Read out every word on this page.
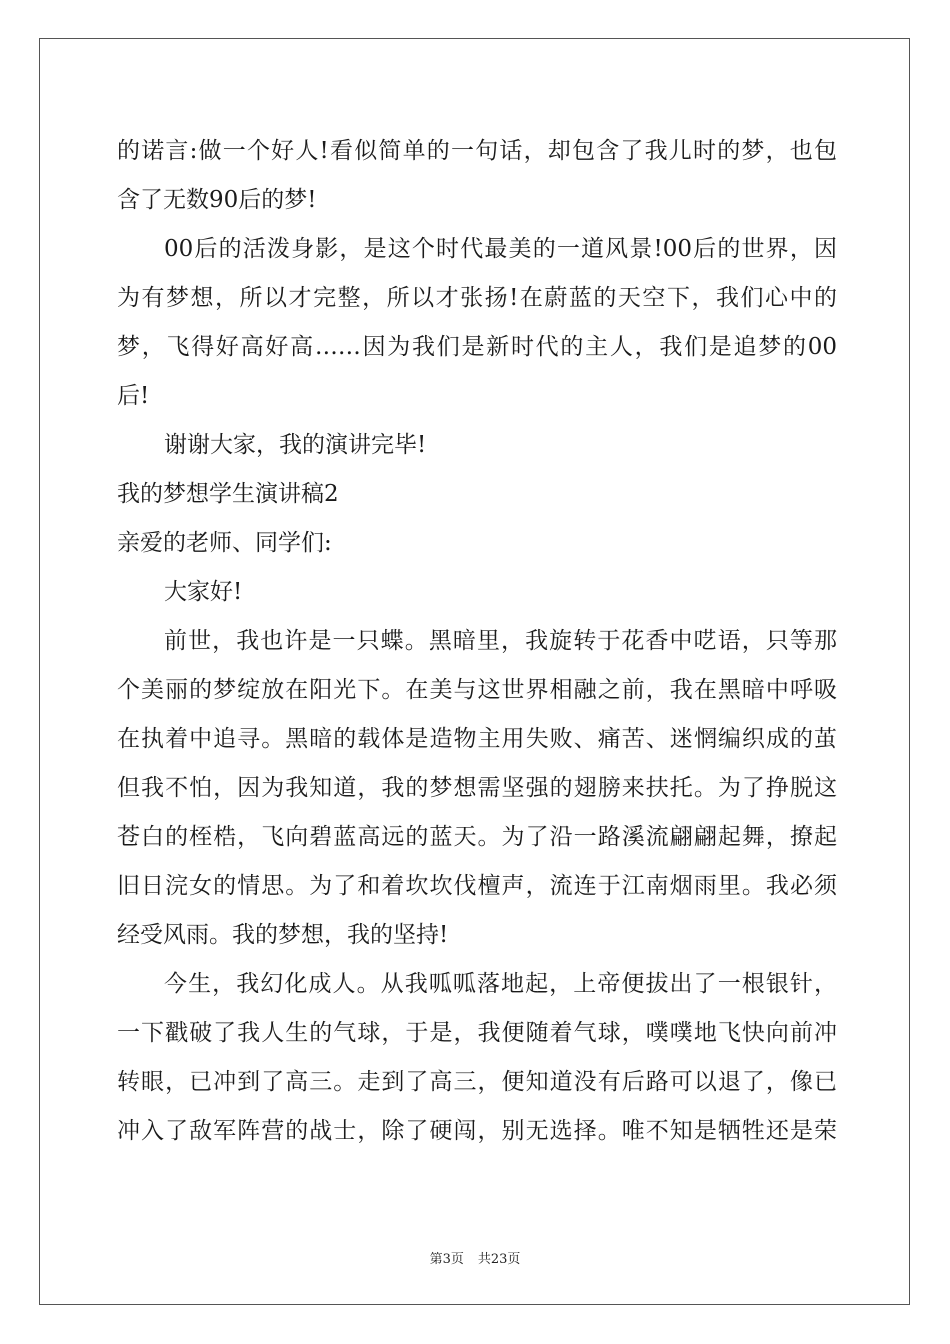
的诺言:做一个好人!看似简单的一句话，却包含了我儿时的梦，也包
含了无数90后的梦!
00后的活泼身影，是这个时代最美的一道风景!00后的世界，因
为有梦想，所以才完整，所以才张扬!在蔚蓝的天空下，我们心中的
梦，飞得好高好高……因为我们是新时代的主人，我们是追梦的00
后!
谢谢大家，我的演讲完毕!
我的梦想学生演讲稿2
亲爱的老师、同学们:
大家好!
前世，我也许是一只蝶。黑暗里，我旋转于花香中呓语，只等那
个美丽的梦绽放在阳光下。在美与这世界相融之前，我在黑暗中呼吸
在执着中追寻。黑暗的载体是造物主用失败、痛苦、迷惘编织成的茧
但我不怕，因为我知道，我的梦想需坚强的翅膀来扶托。为了挣脱这
苍白的桎梏，飞向碧蓝高远的蓝天。为了沿一路溪流翩翩起舞，撩起
旧日浣女的情思。为了和着坎坎伐檀声，流连于江南烟雨里。我必须
经受风雨。我的梦想，我的坚持!
今生，我幻化成人。从我呱呱落地起，上帝便拔出了一根银针，
一下戳破了我人生的气球，于是，我便随着气球，噗噗地飞快向前冲
转眼，已冲到了高三。走到了高三，便知道没有后路可以退了，像已
冲入了敌军阵营的战士，除了硬闯，别无选择。唯不知是牺牲还是荣
第3页 共23页
